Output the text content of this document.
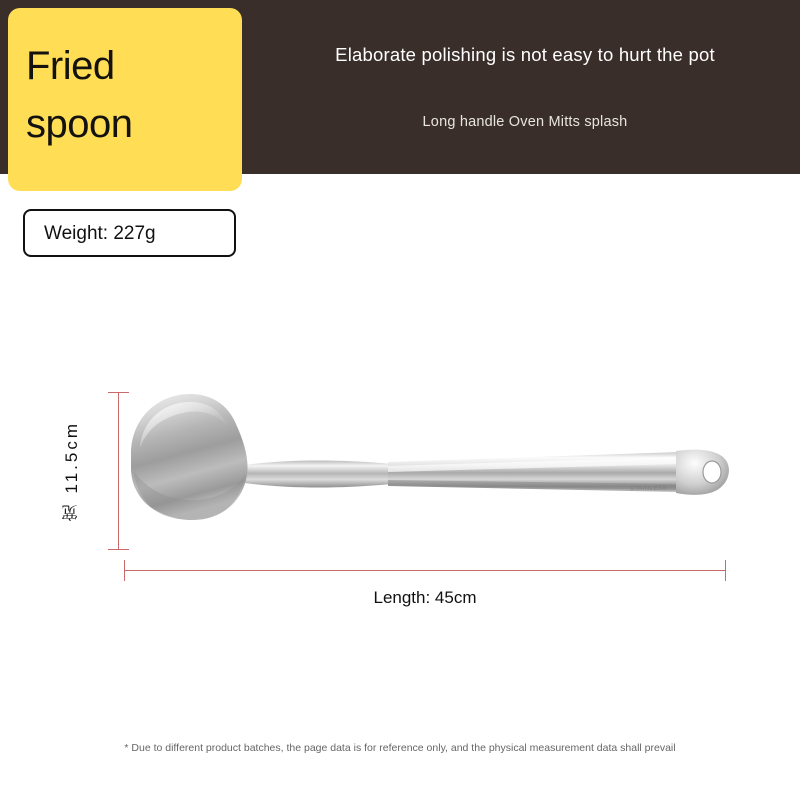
Elaborate polishing is not easy to hurt the pot
Long handle Oven Mitts splash
Fried
spoon
Weight: 227g
宽 11.5cm	STAINLESS
Length: 45cm
* Due to different product batches, the page data is for reference only, and the physical measurement data shall prevail
